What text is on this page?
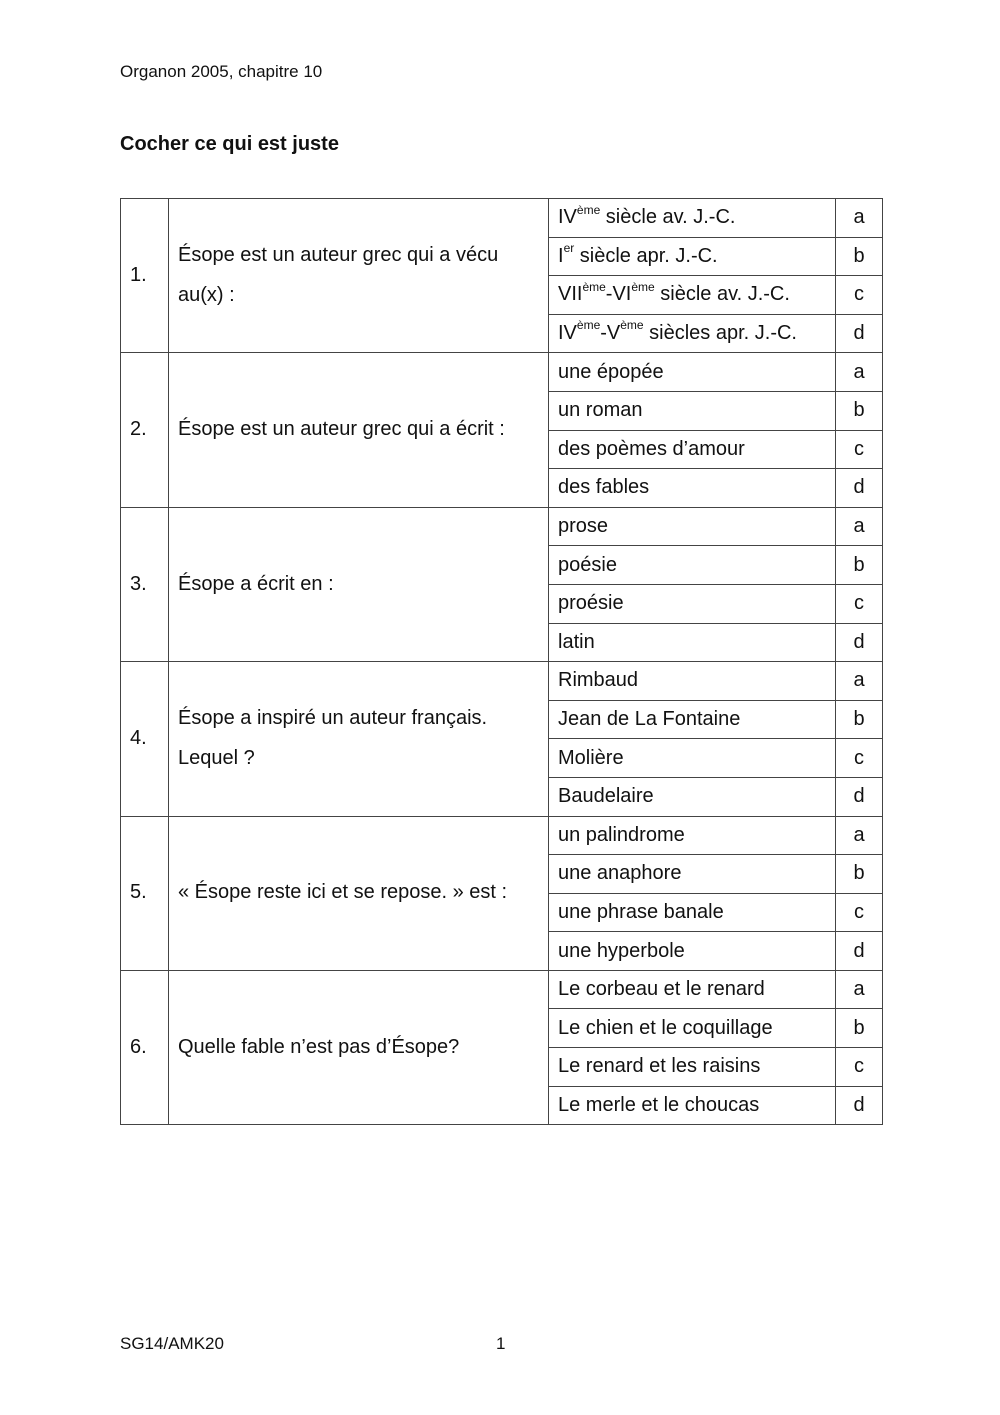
Organon 2005, chapitre 10
Cocher ce qui est juste
1.	Ésope est un auteur grec qui a vécu au(x) :	IVème siècle av. J.-C.	a
		Ier siècle apr. J.-C.	b
		VIIème-VIème siècle av. J.-C.	c
		IVème-Vème siècles apr. J.-C.	d
2.	Ésope est un auteur grec qui a écrit :	une épopée	a
		un roman	b
		des poèmes d’amour	c
		des fables	d
3.	Ésope a écrit en :	prose	a
		poésie	b
		proésie	c
		latin	d
4.	Ésope a inspiré un auteur français. Lequel ?	Rimbaud	a
		Jean de La Fontaine	b
		Molière	c
		Baudelaire	d
5.	« Ésope reste ici et se repose. » est :	un palindrome	a
		une anaphore	b
		une phrase banale	c
		une hyperbole	d
6.	Quelle fable n’est pas d’Ésope?	Le corbeau et le renard	a
		Le chien et le coquillage	b
		Le renard et les raisins	c
		Le merle et le choucas	d
SG14/AMK20	1
